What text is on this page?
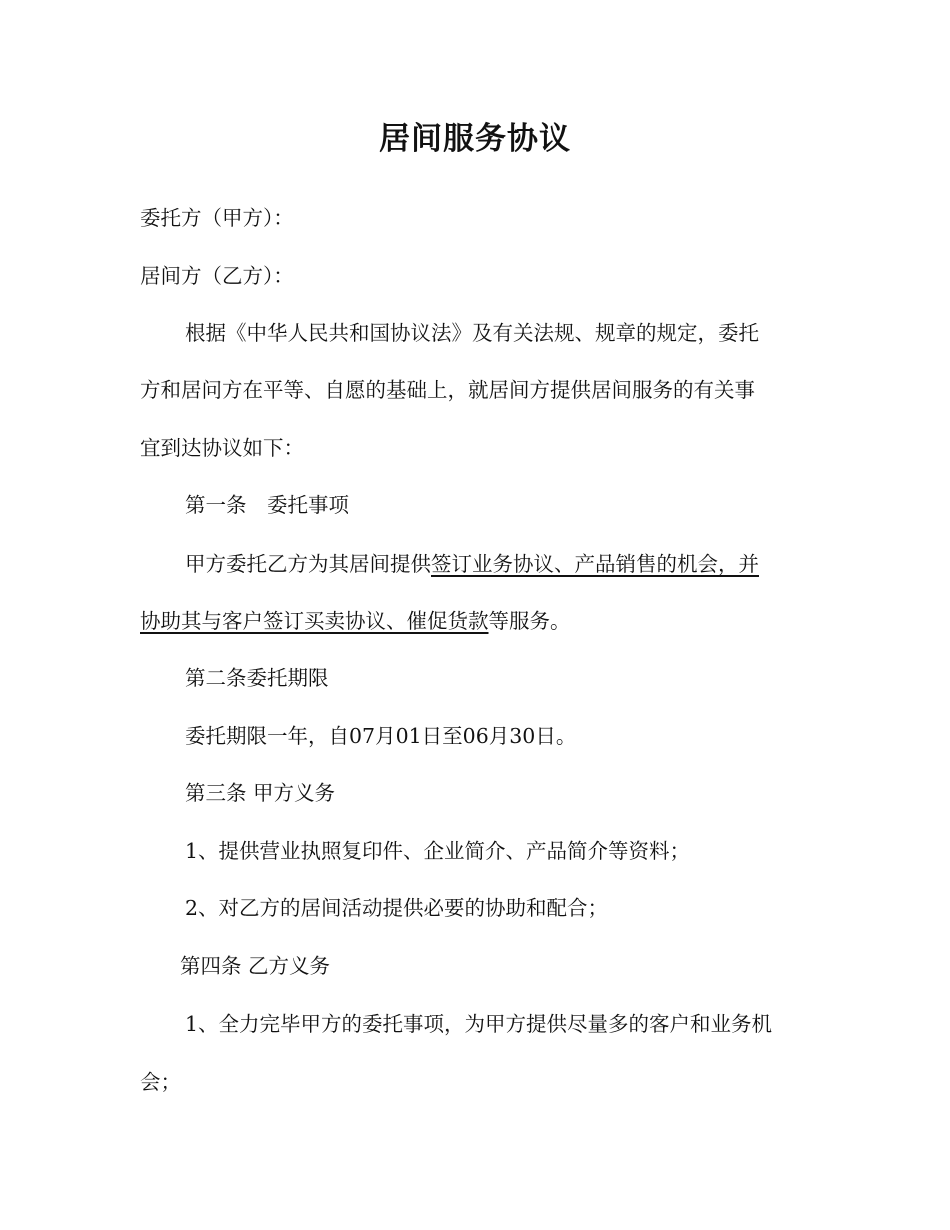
居间服务协议
委托方（甲方）：
居间方（乙方）：
根据《中华人民共和国协议法》及有关法规、规章的规定，委托
方和居问方在平等、自愿的基础上，就居间方提供居间服务的有关事
宜到达协议如下：
第一条　委托事项
甲方委托乙方为其居间提供签订业务协议、产品销售的机会，并
协助其与客户签订买卖协议、催促货款等服务。
第二条委托期限
委托期限一年，自07月01日至06月30日。
第三条 甲方义务
1、提供营业执照复印件、企业简介、产品简介等资料；
2、对乙方的居间活动提供必要的协助和配合；
第四条 乙方义务
1、全力完毕甲方的委托事项，为甲方提供尽量多的客户和业务机
会；
